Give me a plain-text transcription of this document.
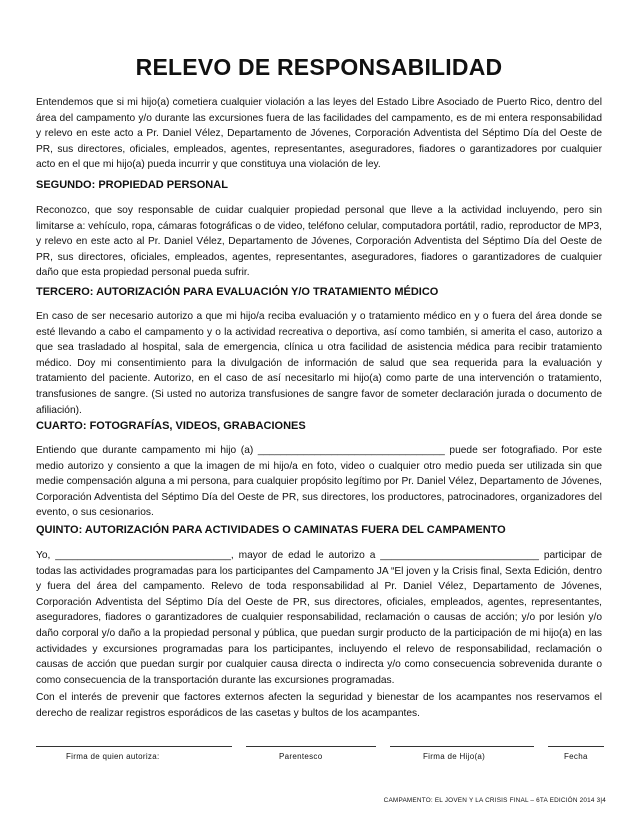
RELEVO DE RESPONSABILIDAD

Entendemos que si mi hijo(a) cometiera cualquier violación a las leyes del Estado Libre Asociado de Puerto Rico, dentro del área del campamento y/o durante las excursiones fuera de las facilidades del campamento, es de mi entera responsabilidad y relevo en este acto a Pr. Daniel Vélez, Departamento de Jóvenes, Corporación Adventista del Séptimo Día del Oeste de PR, sus directores, oficiales, empleados, agentes, representantes, aseguradores, fiadores o garantizadores por cualquier acto en el que mi hijo(a) pueda incurrir y que constituya una violación de ley.

SEGUNDO: PROPIEDAD PERSONAL

Reconozco, que soy responsable de cuidar cualquier propiedad personal que lleve a la actividad incluyendo, pero sin limitarse a: vehículo, ropa, cámaras fotográficas o de video, teléfono celular, computadora portátil, radio, reproductor de MP3, y relevo en este acto al Pr. Daniel Vélez, Departamento de Jóvenes, Corporación Adventista del Séptimo Día del Oeste de PR, sus directores, oficiales, empleados, agentes, representantes, aseguradores, fiadores o garantizadores de cualquier daño que esta propiedad personal pueda sufrir.

TERCERO: AUTORIZACIÓN PARA EVALUACIÓN Y/O TRATAMIENTO MÉDICO

En caso de ser necesario autorizo a que mi hijo/a reciba evaluación y o tratamiento médico en y o fuera del área donde se esté llevando a cabo el campamento y o la actividad recreativa o deportiva, así como también, si amerita el caso, autorizo a que sea trasladado al hospital, sala de emergencia, clínica u otra facilidad de asistencia médica para recibir tratamiento médico. Doy mi consentimiento para la divulgación de información de salud que sea requerida para la evaluación y tratamiento del paciente. Autorizo, en el caso de así necesitarlo mi hijo(a) como parte de una intervención o tratamiento, transfusiones de sangre. (Si usted no autoriza transfusiones de sangre favor de someter declaración jurada o documento de afiliación).

CUARTO: FOTOGRAFÍAS, VIDEOS, GRABACIONES

Entiendo que durante campamento mi hijo (a) _________________________________ puede ser fotografiado. Por este medio autorizo y consiento a que la imagen de mi hijo/a en foto, video o cualquier otro medio pueda ser utilizada sin que medie compensación alguna a mi persona, para cualquier propósito legítimo por Pr. Daniel Vélez, Departamento de Jóvenes, Corporación Adventista del Séptimo Día del Oeste de PR, sus directores, los productores, patrocinadores, organizadores del evento, o sus cesionarios.

QUINTO: AUTORIZACIÓN PARA ACTIVIDADES O CAMINATAS FUERA DEL CAMPAMENTO

Yo, _______________________________, mayor de edad le autorizo a ____________________________ participar de todas las actividades programadas para los participantes del Campamento JA “El joven y la Crisis final, Sexta Edición, dentro y fuera del área del campamento. Relevo de toda responsabilidad al Pr. Daniel Vélez, Departamento de Jóvenes, Corporación Adventista del Séptimo Día del Oeste de PR, sus directores, oficiales, empleados, agentes, representantes, aseguradores, fiadores o garantizadores de cualquier responsabilidad, reclamación o causas de acción; y/o por lesión y/o daño corporal y/o daño a la propiedad personal y pública, que puedan surgir producto de la participación de mi hijo(a) en las actividades y excursiones programadas para los participantes, incluyendo el relevo de responsabilidad, reclamación o causas de acción que puedan surgir por cualquier causa directa o indirecta y/o como consecuencia sobrevenida durante o como consecuencia de la transportación durante las excursiones programadas.

Con el interés de prevenir que factores externos afecten la seguridad y bienestar de los acampantes nos reservamos el derecho de realizar registros esporádicos de las casetas y bultos de los acampantes.

Firma de quien autoriza:	Parentesco	Firma de Hijo(a)	Fecha
CAMPAMENTO: EL JOVEN Y LA CRISIS FINAL – 6TA EDICIÓN 2014 3|4
